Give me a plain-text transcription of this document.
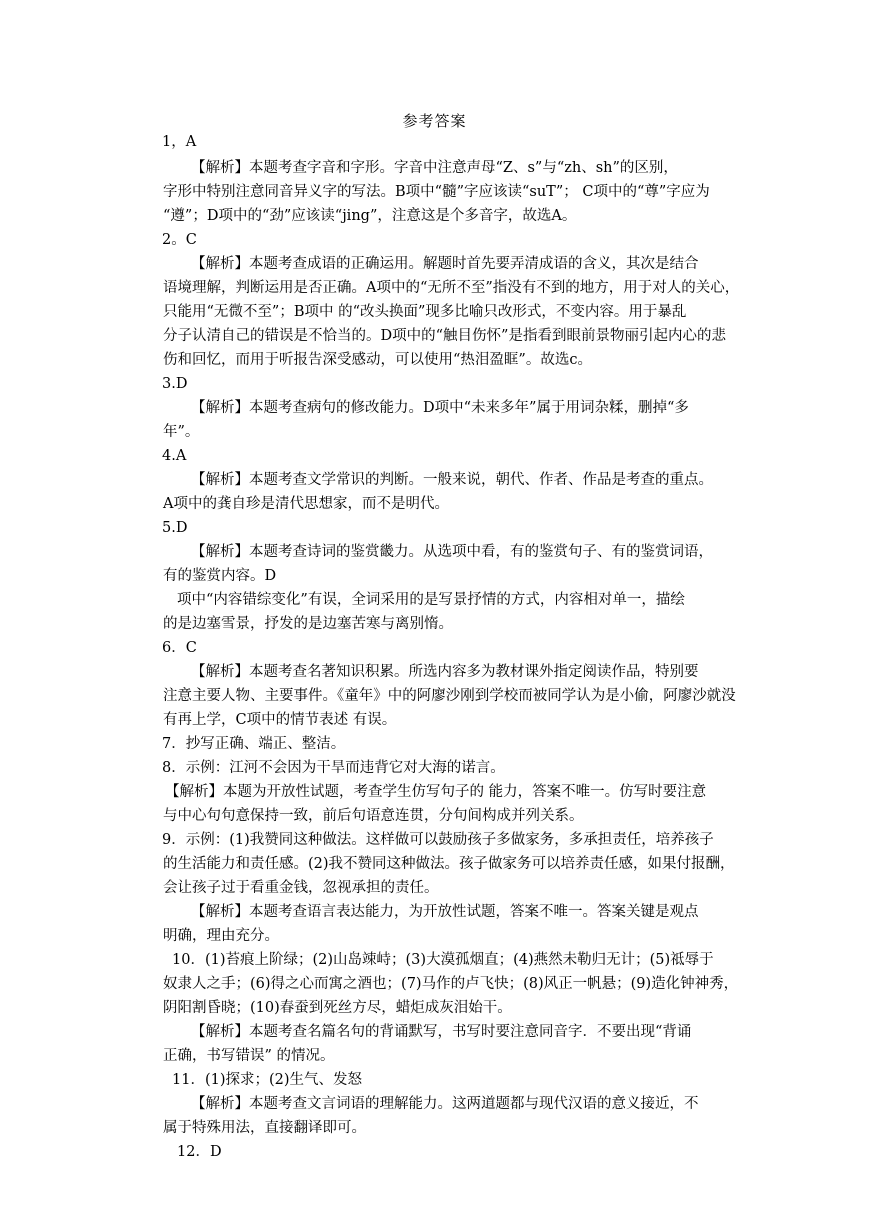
参考答案
1，A
【解析】本题考查字音和字形。字音中注意声母“Z、s”与“zh、sh”的区别，
字形中特别注意同音异义字的写法。B项中“髓”字应该读“suT”； C项中的“尊”字应为
“遵”；D项中的“劲”应该读“jing”，注意这是个多音字，故选A。
2。C
【解析】本题考查成语的正确运用。解题时首先要弄清成语的含义，其次是结合
语境理解，判断运用是否正确。A项中的“无所不至”指没有不到的地方，用于对人的关心，
只能用“无微不至”；B项中 的“改头换面”现多比喻只改形式，不变内容。用于暴乱
分子认清自己的错误是不恰当的。D项中的“触目伤怀”是指看到眼前景物丽引起内心的悲
伤和回忆，而用于听报告深受感动，可以使用“热泪盈眶”。故选c。
3.D
【解析】本题考查病句的修改能力。D项中“未来多年”属于用词杂糅，删掉“多
年”。
4.A
【解析】本题考查文学常识的判断。一般来说，朝代、作者、作品是考查的重点。
A项中的龚自珍是清代思想家，而不是明代。
5.D
【解析】本题考查诗词的鉴赏畿力。从选项中看，有的鉴赏句子、有的鉴赏词语，
有的鉴赏内容。D
项中“内容错综变化”有误，全词采用的是写景抒情的方式，内容相对单一，描绘
的是边塞雪景，抒发的是边塞苦寒与离别惰。
6．C
【解析】本题考查名著知识积累。所选内容多为教材课外指定阅读作品，特别要
注意主要人物、主要事件。《童年》中的阿廖沙刚到学校而被同学认为是小偷，阿廖沙就没
有再上学，C项中的情节表述 有误。
7．抄写正确、端正、整洁。
8．示例：江河不会因为干旱而违背它对大海的诺言。
【解析】本题为开放性试题，考查学生仿写句子的 能力，答案不唯一。仿写时要注意
与中心句句意保持一致，前后句语意连贯，分句间构成并列关系。
9．示例：(1)我赞同这种做法。这样做可以鼓励孩子多做家务，多承担责任，培养孩子
的生活能力和责任感。(2)我不赞同这种做法。孩子做家务可以培养责任感，如果付报酬，
会让孩子过于看重金钱，忽视承担的责任。
【解析】本题考查语言表达能力，为开放性试题，答案不唯一。答案关键是观点
明确，理由充分。
10．(1)苔痕上阶绿；(2)山岛竦峙；(3)大漠孤烟直；(4)燕然未勒归无计；(5)祗辱于
奴隶人之手；(6)得之心而寓之酒也；(7)马作的卢飞快；(8)风正一帆悬；(9)造化钟神秀，
阴阳割昏晓；(10)春蚕到死丝方尽，蜡炬成灰泪始干。
【解析】本题考查名篇名句的背诵默写，书写时要注意同音字．不要出现“背诵
正确，书写错误” 的情况。
11．(1)探求；(2)生气、发怒
【解析】本题考查文言词语的理解能力。这两道题都与现代汉语的意义接近，不
属于特殊用法，直接翻译即可。
12．D
